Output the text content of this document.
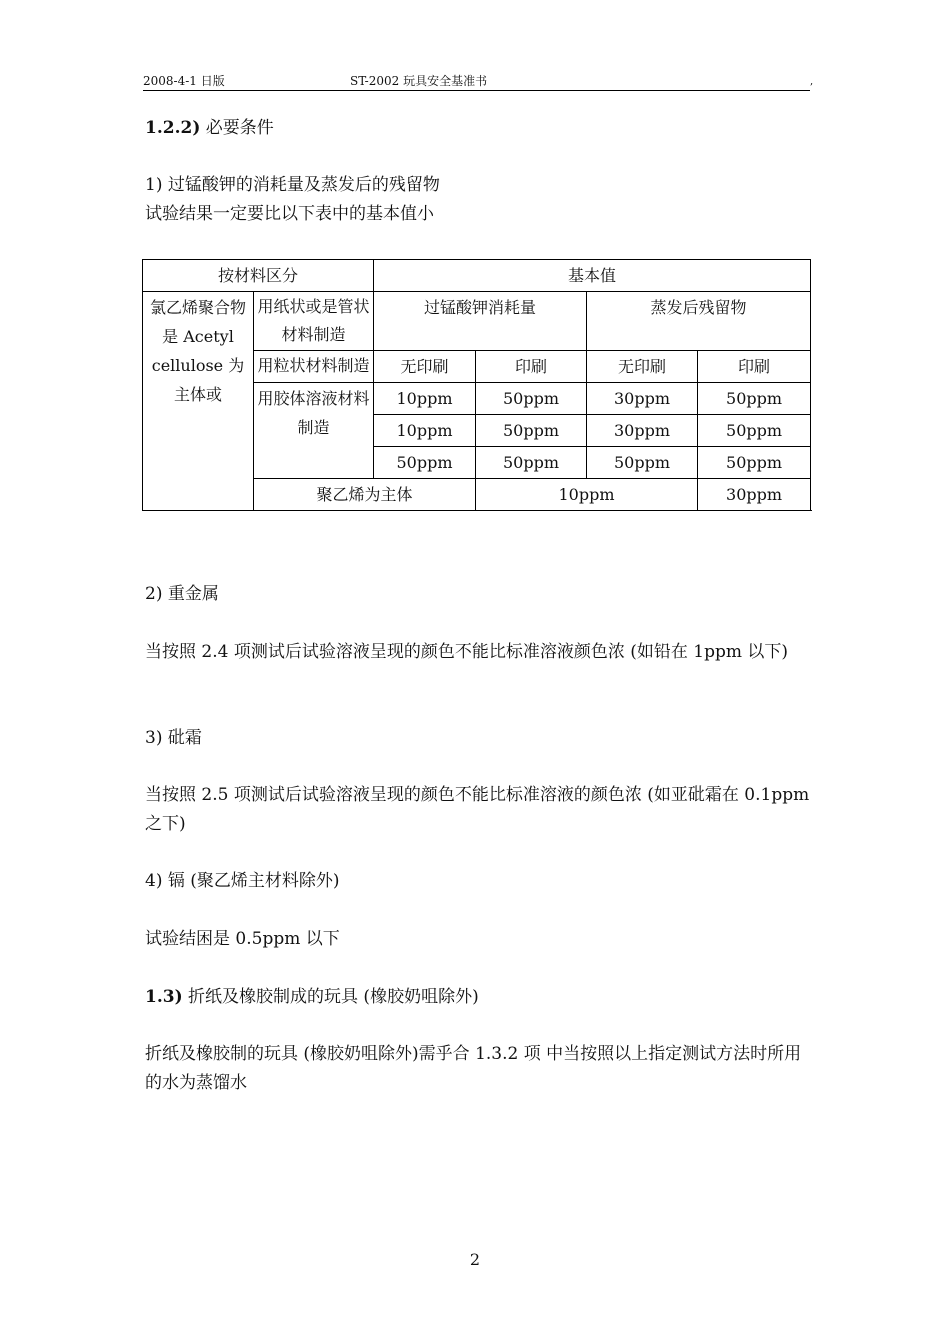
2008-4-1 日版	ST-2002 玩具安全基准书	,
1.2.2) 必要条件
1) 过锰酸钾的消耗量及蒸发后的残留物
试验结果一定要比以下表中的基本值小
按材料区分		基本值			
氯乙烯聚合物是 Acetyl cellulose 为主体或	用纸状或是管状材料制造	过锰酸钾消耗量		蒸发后残留物	
	用粒状材料制造	无印刷	印刷	无印刷	印刷
	用胶体溶液材料制造	10ppm	50ppm	30ppm	50ppm
		10ppm	50ppm	30ppm	50ppm
		50ppm	50ppm	50ppm	50ppm
	聚乙烯为主体		10ppm		30ppm
2) 重金属
当按照 2.4 项测试后试验溶液呈现的颜色不能比标准溶液颜色浓 (如铅在 1ppm 以下)
3) 砒霜
当按照 2.5 项测试后试验溶液呈现的颜色不能比标准溶液的颜色浓 (如亚砒霜在 0.1ppm 之下)
4) 镉 (聚乙烯主材料除外)
试验结困是 0.5ppm 以下
1.3) 折纸及橡胶制成的玩具 (橡胶奶咀除外)
折纸及橡胶制的玩具 (橡胶奶咀除外)需乎合 1.3.2 项 中当按照以上指定测试方法时所用的水为蒸馏水
2
